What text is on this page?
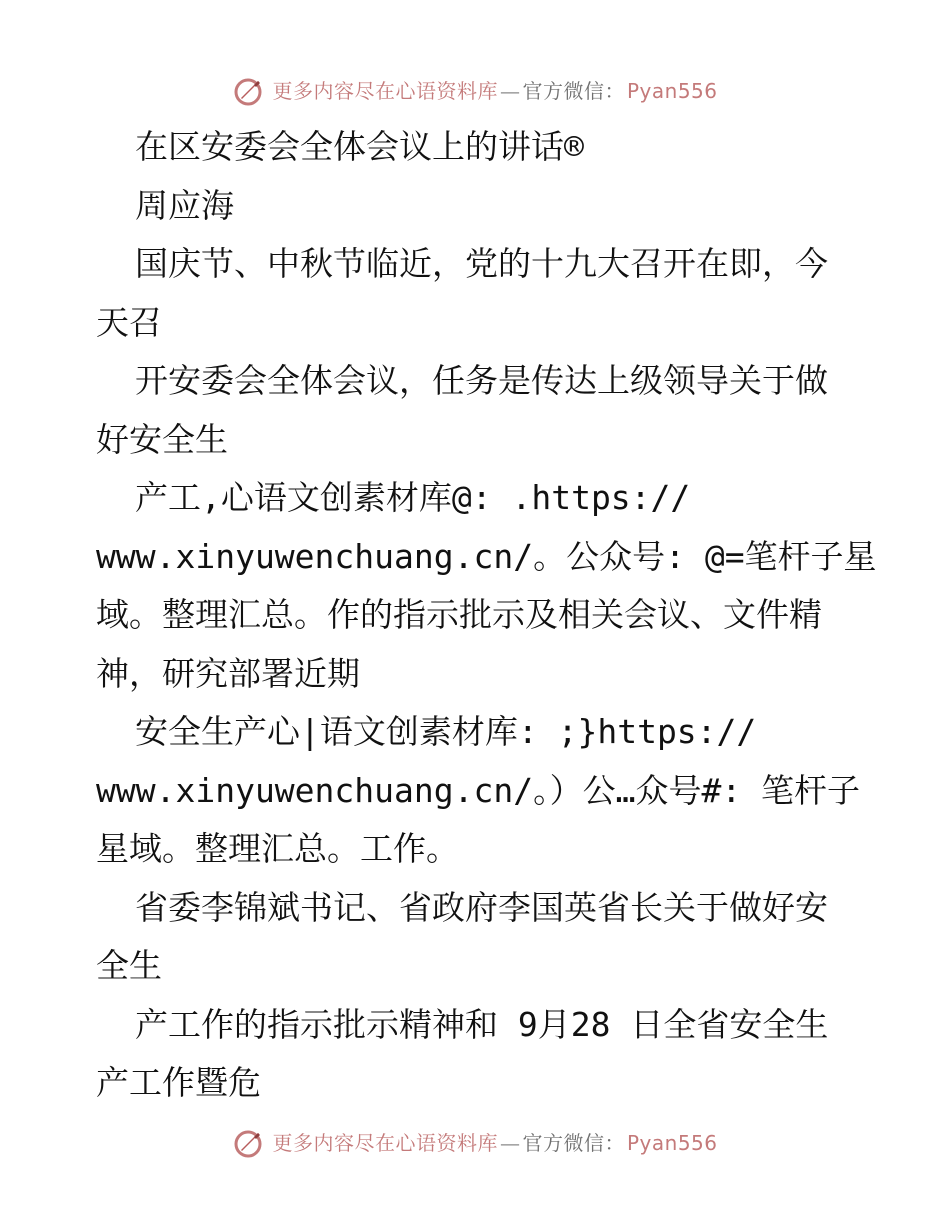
更多内容尽在心语资料库 — 官方微信： Pyan556
在区安委会全体会议上的讲话®
周应海
国庆节、中秋节临近，党的十九大召开在即，今
天召
开安委会全体会议，任务是传达上级领导关于做
好安全生
产工,心语文创素材库@: .https://
www.xinyuwenchuang.cn/。公众号: @=笔杆子星
域。整理汇总。作的指示批示及相关会议、文件精
神，研究部署近期
安全生产心|语文创素材库: ;}https://
www.xinyuwenchuang.cn/。）公…众号#: 笔杆子
星域。整理汇总。工作。
省委李锦斌书记、省政府李国英省长关于做好安
全生
产工作的指示批示精神和 9月28 日全省安全生
产工作暨危
更多内容尽在心语资料库 — 官方微信： Pyan556
